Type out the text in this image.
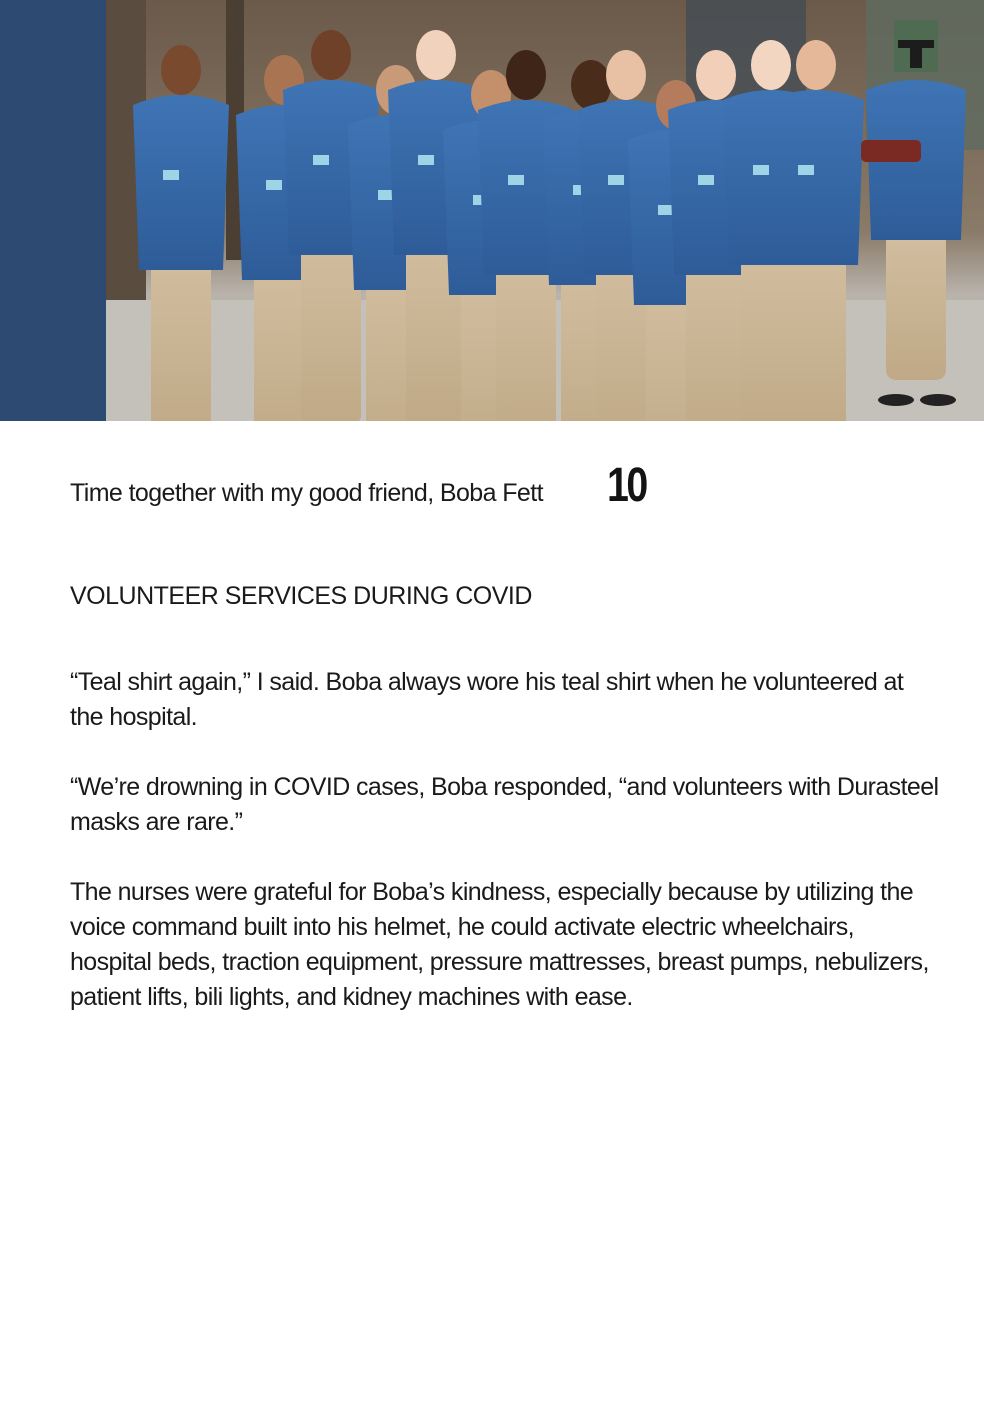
Time together with my good friend, Boba Fett 10
VOLUNTEER SERVICES DURING COVID

“Teal shirt again,” I said. Boba always wore his teal shirt when he volunteered at the hospital.

“We’re drowning in COVID cases, Boba responded, “and volunteers with Durasteel masks are rare.”

The nurses were grateful for Boba’s kindness, especially because by utilizing the voice command built into his helmet, he could activate electric wheelchairs, hospital beds, traction equipment, pressure mattresses, breast pumps, nebulizers, patient lifts, bili lights, and kidney machines with ease.
